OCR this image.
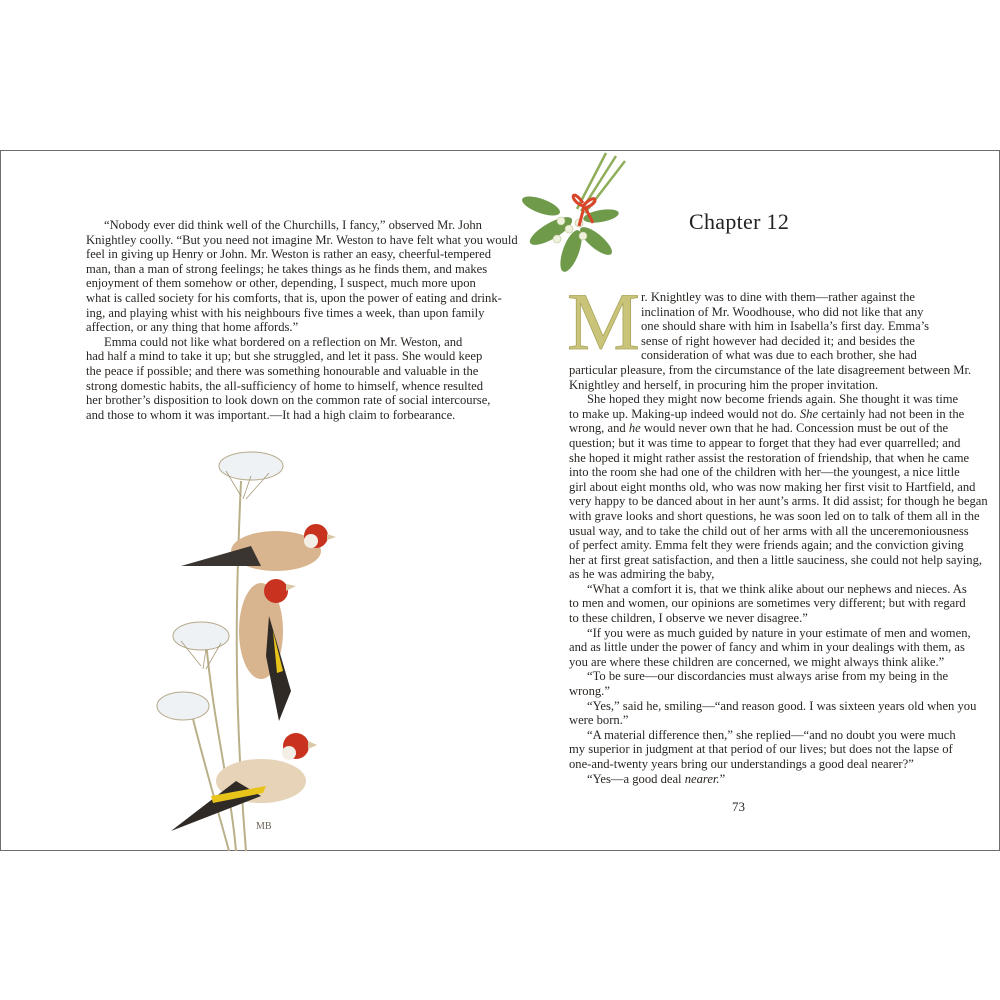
“Nobody ever did think well of the Churchills, I fancy,” observed Mr. John
Knightley coolly. “But you need not imagine Mr. Weston to have felt what you would
feel in giving up Henry or John. Mr. Weston is rather an easy, cheerful-tempered
man, than a man of strong feelings; he takes things as he finds them, and makes
enjoyment of them somehow or other, depending, I suspect, much more upon
what is called society for his comforts, that is, upon the power of eating and drink-
ing, and playing whist with his neighbours five times a week, than upon family
affection, or any thing that home affords.”
Emma could not like what bordered on a reflection on Mr. Weston, and
had half a mind to take it up; but she struggled, and let it pass. She would keep
the peace if possible; and there was something honourable and valuable in the
strong domestic habits, the all-sufficiency of home to himself, whence resulted
her brother’s disposition to look down on the common rate of social intercourse,
and those to whom it was important.—It had a high claim to forbearance.
MB
Chapter 12
M r. Knightley was to dine with them—rather against the
inclination of Mr. Woodhouse, who did not like that any
one should share with him in Isabella’s first day. Emma’s
sense of right however had decided it; and besides the
consideration of what was due to each brother, she had
particular pleasure, from the circumstance of the late disagreement between Mr.
Knightley and herself, in procuring him the proper invitation.
She hoped they might now become friends again. She thought it was time
to make up. Making-up indeed would not do. She certainly had not been in the
wrong, and he would never own that he had. Concession must be out of the
question; but it was time to appear to forget that they had ever quarrelled; and
she hoped it might rather assist the restoration of friendship, that when he came
into the room she had one of the children with her—the youngest, a nice little
girl about eight months old, who was now making her first visit to Hartfield, and
very happy to be danced about in her aunt’s arms. It did assist; for though he began
with grave looks and short questions, he was soon led on to talk of them all in the
usual way, and to take the child out of her arms with all the unceremoniousness
of perfect amity. Emma felt they were friends again; and the conviction giving
her at first great satisfaction, and then a little sauciness, she could not help saying,
as he was admiring the baby,
“What a comfort it is, that we think alike about our nephews and nieces. As
to men and women, our opinions are sometimes very different; but with regard
to these children, I observe we never disagree.”
“If you were as much guided by nature in your estimate of men and women,
and as little under the power of fancy and whim in your dealings with them, as
you are where these children are concerned, we might always think alike.”
“To be sure—our discordancies must always arise from my being in the
wrong.”
“Yes,” said he, smiling—“and reason good. I was sixteen years old when you
were born.”
“A material difference then,” she replied—“and no doubt you were much
my superior in judgment at that period of our lives; but does not the lapse of
one-and-twenty years bring our understandings a good deal nearer?”
“Yes—a good deal nearer.”
73
